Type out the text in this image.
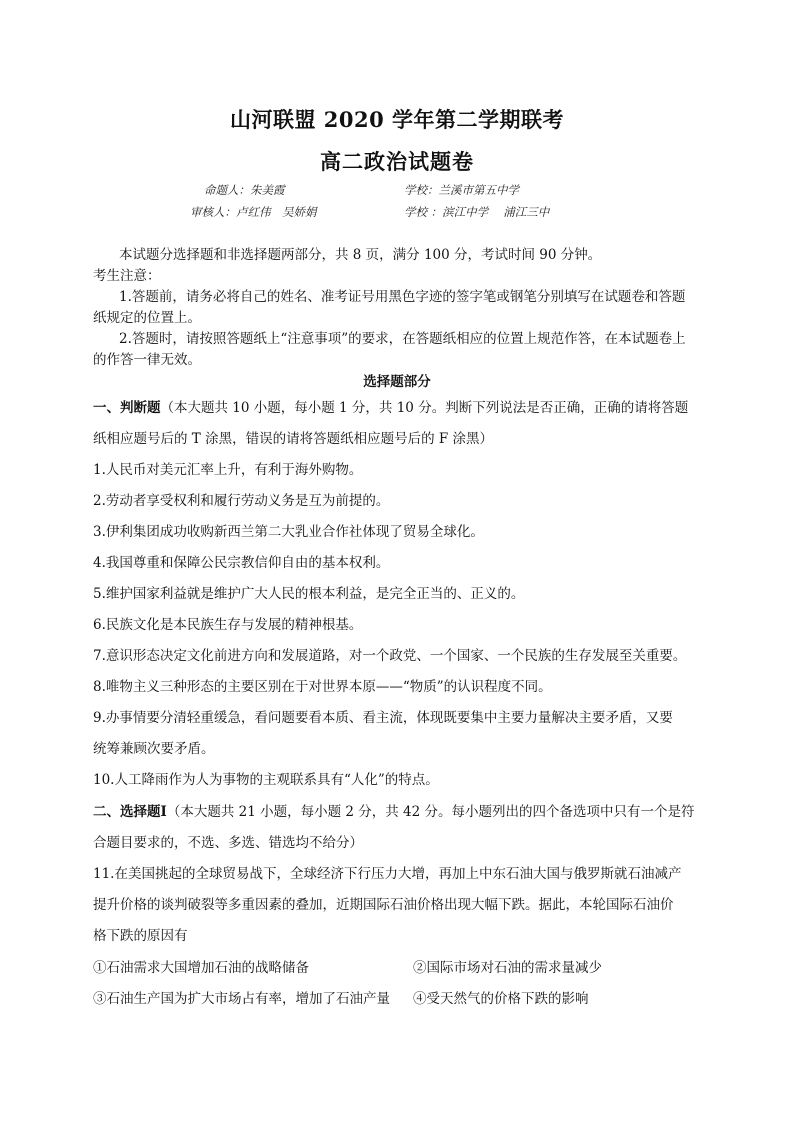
山河联盟 2020 学年第二学期联考
高二政治试题卷
命题人：朱美霞	学校：兰溪市第五中学
审核人：卢红伟　吴娇娟	学校 ：滨江中学　 浦江三中
本试题分选择题和非选择题两部分，共 8 页，满分 100 分，考试时间 90 分钟。
考生注意：
1.答题前，请务必将自己的姓名、准考证号用黑色字迹的签字笔或钢笔分别填写在试题卷和答题
纸规定的位置上。
2.答题时，请按照答题纸上“注意事项”的要求，在答题纸相应的位置上规范作答，在本试题卷上
的作答一律无效。
选择题部分
一、判断题（本大题共 10 小题，每小题 1 分，共 10 分。判断下列说法是否正确，正确的请将答题
纸相应题号后的 T 涂黑，错误的请将答题纸相应题号后的 F 涂黑）
1.人民币对美元汇率上升，有利于海外购物。
2.劳动者享受权利和履行劳动义务是互为前提的。
3.伊利集团成功收购新西兰第二大乳业合作社体现了贸易全球化。
4.我国尊重和保障公民宗教信仰自由的基本权利。
5.维护国家利益就是维护广大人民的根本利益，是完全正当的、正义的。
6.民族文化是本民族生存与发展的精神根基。
7.意识形态决定文化前进方向和发展道路，对一个政党、一个国家、一个民族的生存发展至关重要。
8.唯物主义三种形态的主要区别在于对世界本原——“物质”的认识程度不同。
9.办事情要分清轻重缓急，看问题要看本质、看主流，体现既要集中主要力量解决主要矛盾，又要
统筹兼顾次要矛盾。
10.人工降雨作为人为事物的主观联系具有“人化”的特点。
二、选择题Ⅰ（本大题共 21 小题，每小题 2 分，共 42 分。每小题列出的四个备选项中只有一个是符
合题目要求的，不选、多选、错选均不给分）
11.在美国挑起的全球贸易战下，全球经济下行压力大增，再加上中东石油大国与俄罗斯就石油减产
提升价格的谈判破裂等多重因素的叠加，近期国际石油价格出现大幅下跌。据此，本轮国际石油价
格下跌的原因有
①石油需求大国增加石油的战略储备	②国际市场对石油的需求量减少
③石油生产国为扩大市场占有率，增加了石油产量 ④受天然气的价格下跌的影响
